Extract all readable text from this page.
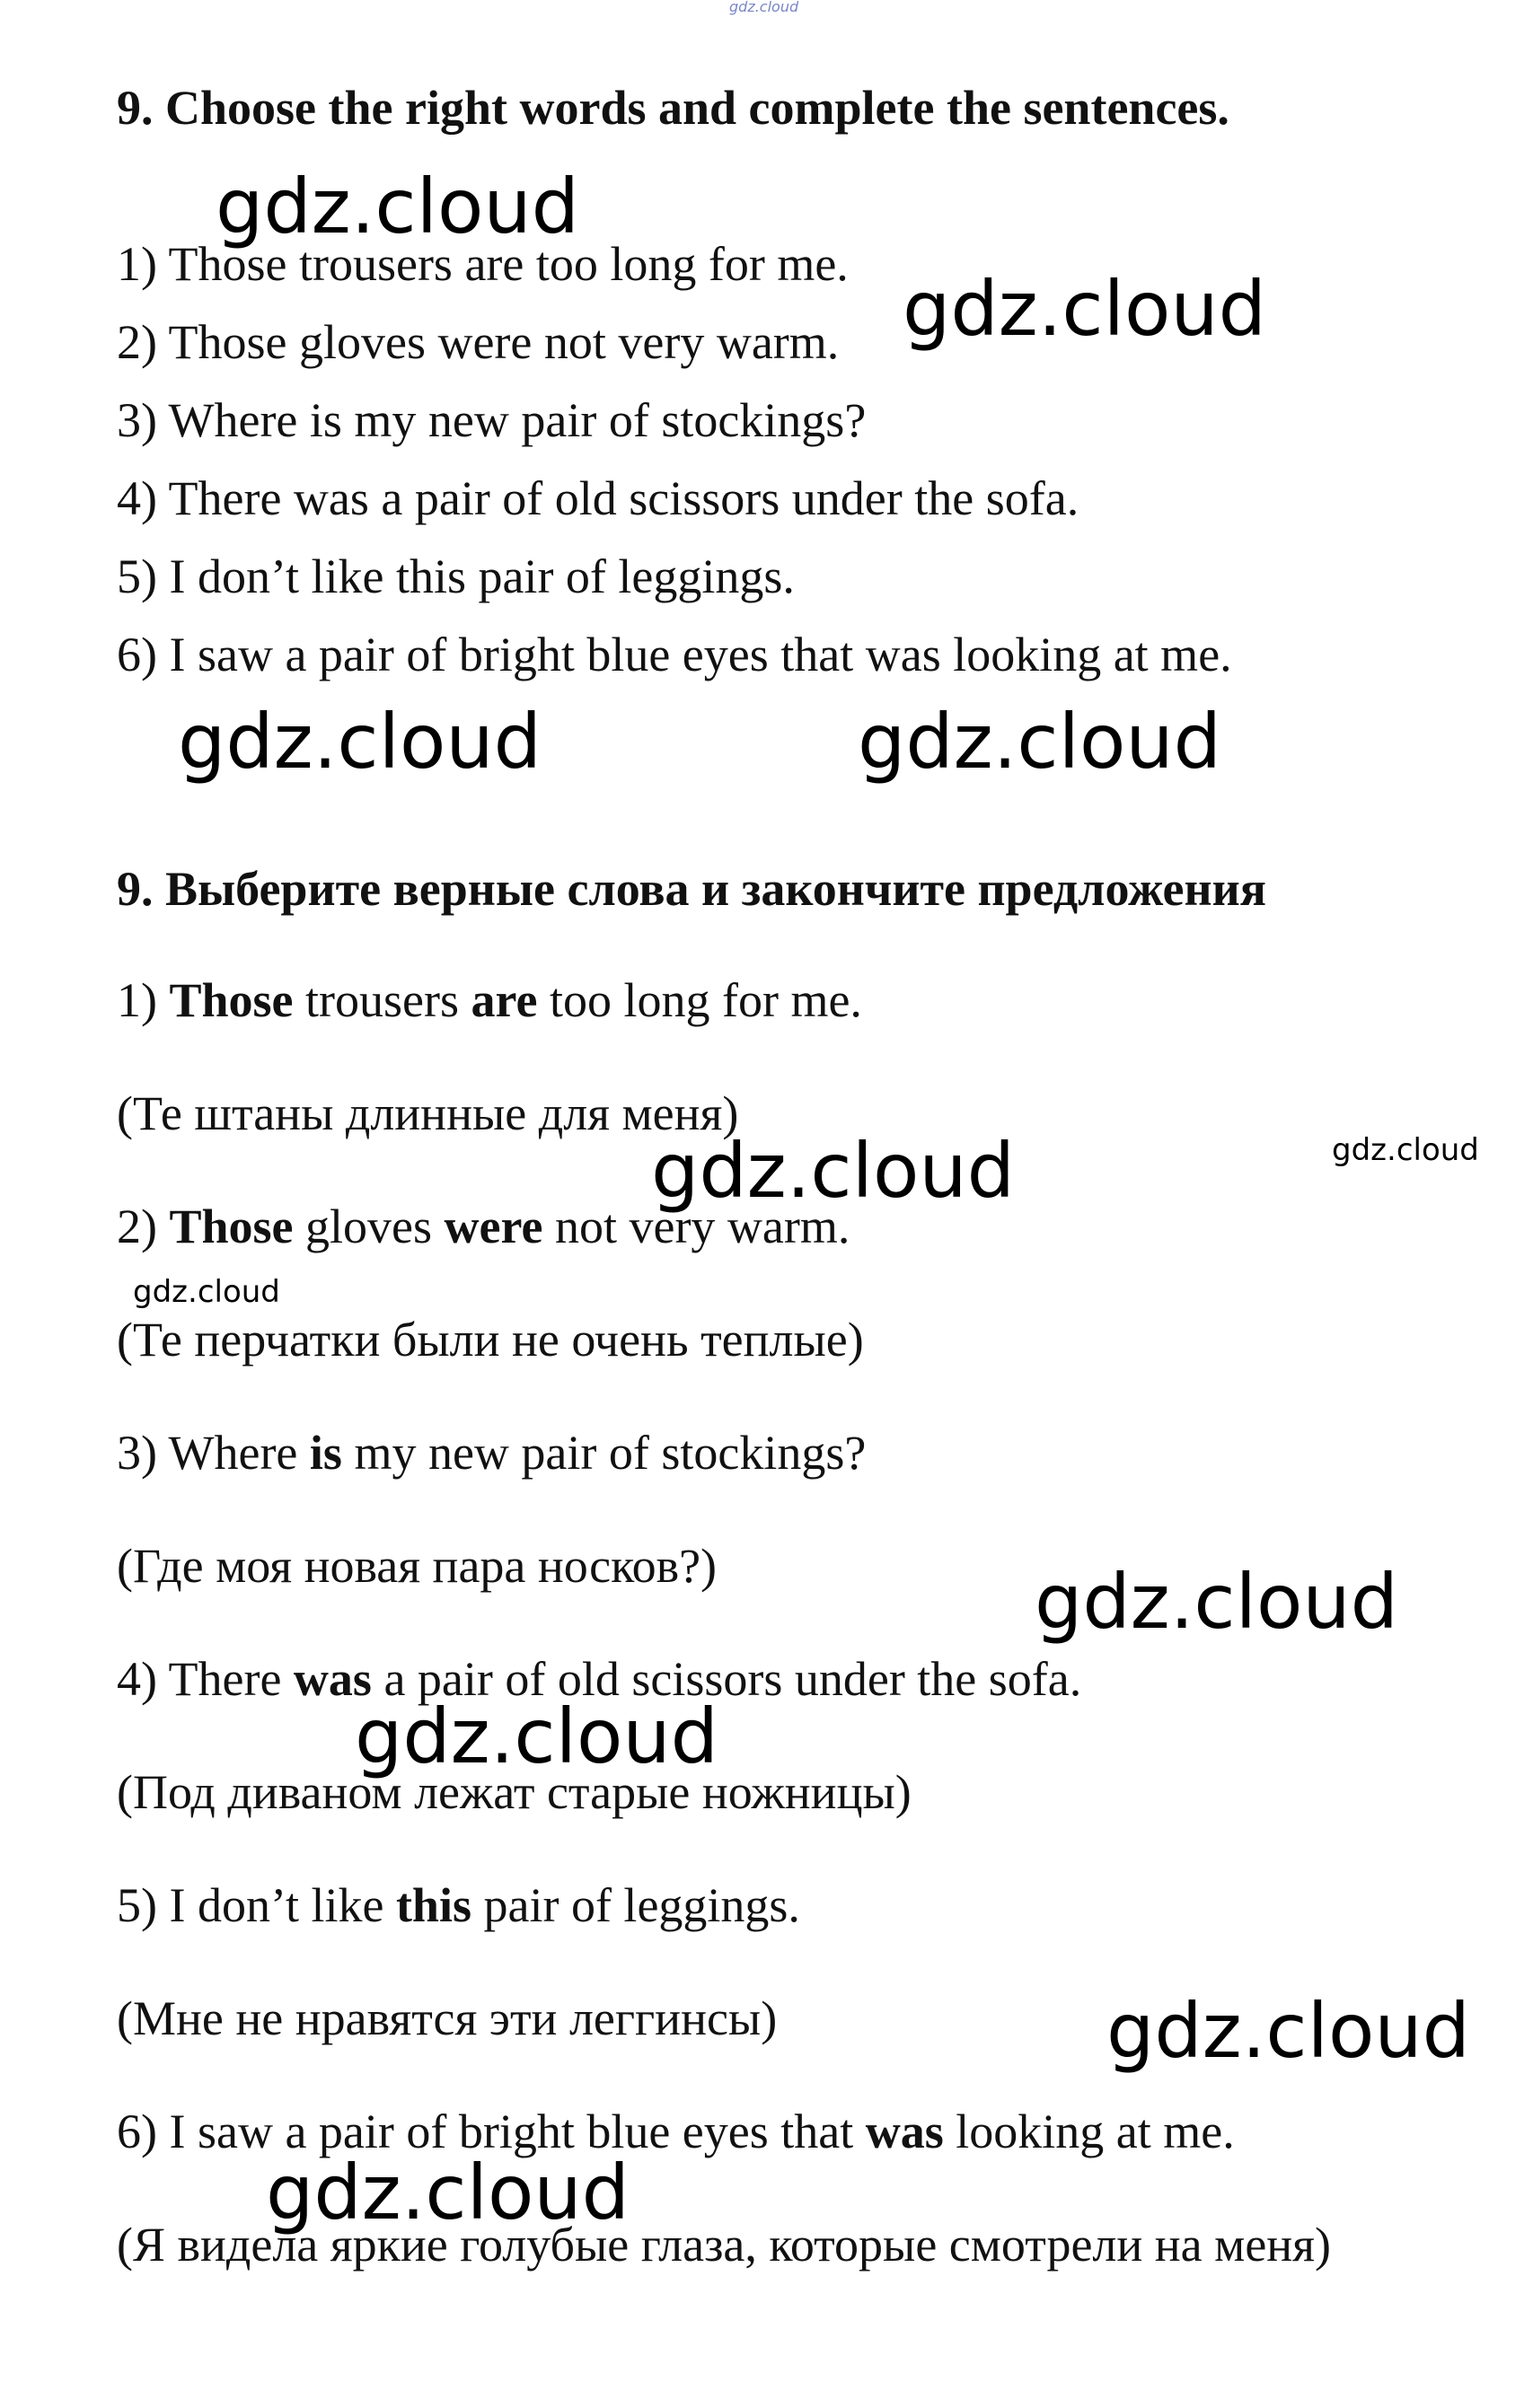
9. Choose the right words and complete the sentences.
1) Those trousers are too long for me.
2) Those gloves were not very warm.
3) Where is my new pair of stockings?
4) There was a pair of old scissors under the sofa.
5) I don’t like this pair of leggings.
6) I saw a pair of bright blue eyes that was looking at me.
9. Выберите верные слова и закончите предложения
1) Those trousers are too long for me.
(Те штаны длинные для меня)
2) Those gloves were not very warm.
(Те перчатки были не очень теплые)
3) Where is my new pair of stockings?
(Где моя новая пара носков?)
4) There was a pair of old scissors under the sofa.
(Под диваном лежат старые ножницы)
5) I don’t like this pair of leggings.
(Мне не нравятся эти леггинсы)
6) I saw a pair of bright blue eyes that was looking at me.
(Я видела яркие голубые глаза, которые смотрели на меня)
gdz.cloud
gdz.cloud
gdz.cloud
gdz.cloud	gdz.cloud
gdz.cloud	gdz.cloud
gdz.cloud
gdz.cloud
gdz.cloud
gdz.cloud
gdz.cloud
